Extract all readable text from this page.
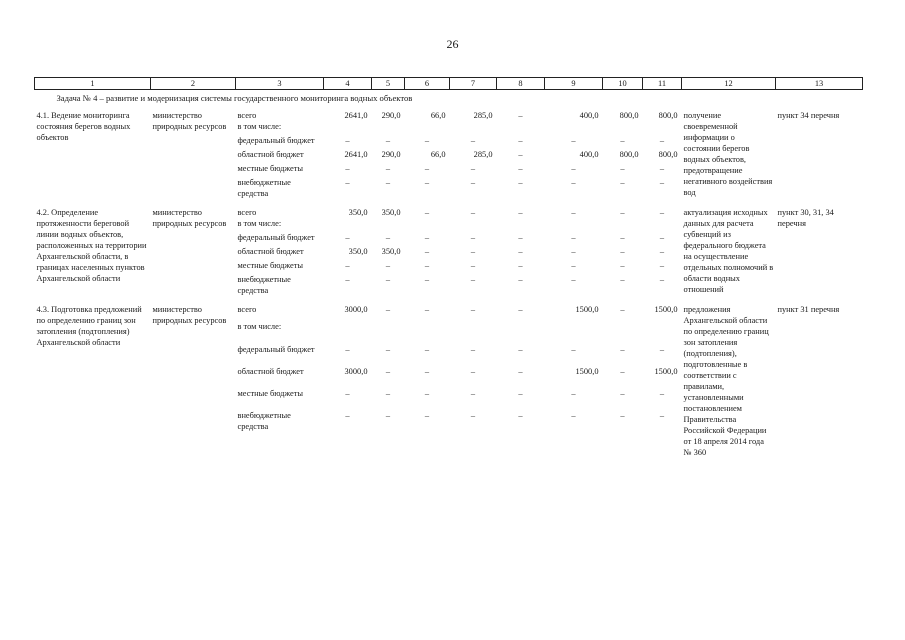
26
1	2	3	4	5	6	7	8	9	10	11	12	13
Задача № 4 – развитие и модернизация системы государственного мониторинга водных объектов												
4.1. Ведение мониторинга состояния берегов водных объектов	министерство природных ресурсов	всего	2641,0	290,0	66,0	285,0	–	400,0	800,0	800,0	получение своевременной информации о состоянии берегов водных объектов, предотвращение негативного воздействия вод	пункт 34 перечня
		в том числе:										
		федеральный бюджет	–	–	–	–	–	–	–	–		
		областной бюджет	2641,0	290,0	66,0	285,0	–	400,0	800,0	800,0		
		местные бюджеты	–	–	–	–	–	–	–	–		
		внебюджетные средства	–	–	–	–	–	–	–	–		
4.2. Определение протяженности береговой линии водных объектов, расположенных на территории Архангельской области, в границах населенных пунктов Архангельской области	министерство природных ресурсов	всего	350,0	350,0	–	–	–	–	–	–	актуализация исходных данных для расчета субвенций из федерального бюджета на осуществление отдельных полномочий в области водных отношений	пункт 30, 31, 34 перечня
		в том числе:										
		федеральный бюджет	–	–	–	–	–	–	–	–		
		областной бюджет	350,0	350,0	–	–	–	–	–	–		
		местные бюджеты	–	–	–	–	–	–	–	–		
		внебюджетные средства	–	–	–	–	–	–	–	–		
4.3. Подготовка предложений по определению границ зон затопления (подтопления) Архангельской области	министерство природных ресурсов	всего	3000,0	–	–	–	–	1500,0	–	1500,0	предложения Архангельской области по определению границ зон затопления (подтопления), подготовленные в соответствии с правилами, установленными постановлением Правительства Российской Федерации от 18 апреля 2014 года № 360	пункт 31 перечня
		в том числе:										
		федеральный бюджет	–	–	–	–	–	–	–	–		
		областной бюджет	3000,0	–	–	–	–	1500,0	–	1500,0		
		местные бюджеты	–	–	–	–	–	–	–	–		
		внебюджетные средства	–	–	–	–	–	–	–	–		
